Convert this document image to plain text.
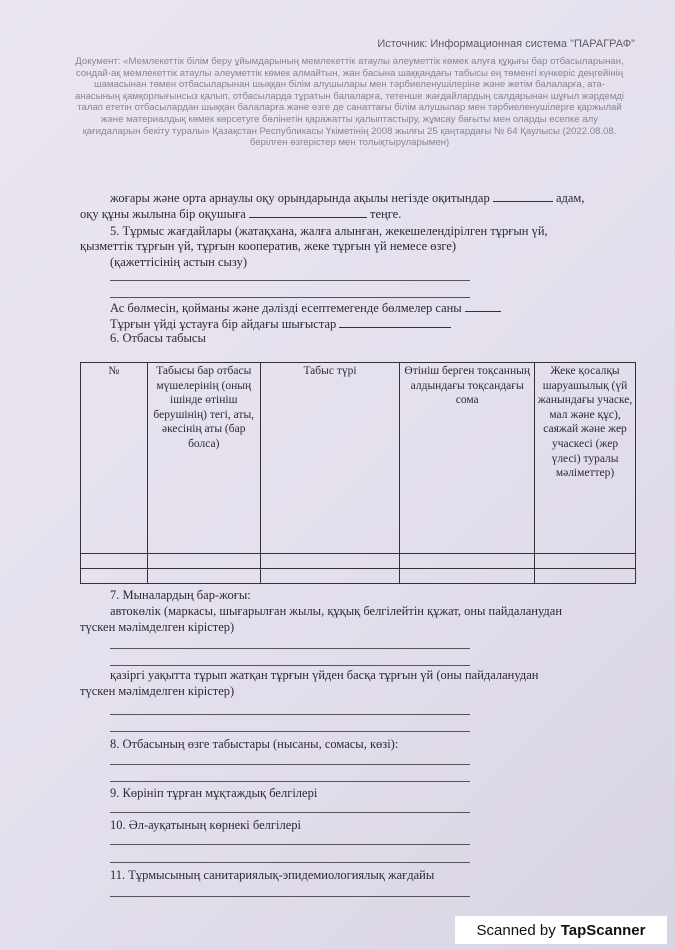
Источник: Информационная система "ПАРАГРАФ"
Документ: «Мемлекеттік білім беру ұйымдарының мемлекеттік атаулы әлеуметтік көмек алуға құқығы бар отбасыларынан, сондай-ақ мемлекеттік атаулы әлеуметтік көмек алмайтын, жан басына шаққандағы табысы ең төменгі күнкеріс деңгейінің шамасынан төмен отбасыларынан шыққан білім алушылары мен тәрбиеленушілеріне және жетім балаларға, ата-анасының қамқорлығынсыз қалып, отбасыларда тұратын балаларға, тетенше жағдайлардың салдарынан шұғыл жәрдемді талап ететін отбасылардан шыққан балаларға және өзге де санаттағы білім алушылар мен тәрбиеленушілерге қаржылай және материалдық көмек көрсетуге бөлінетін қаражатты қалыптастыру, жұмсау бағыты мен оларды есепке алу қағидаларын бекіту туралы» Қазақстан Республикасы Үкіметінің 2008 жылғы 25 қаңтардағы № 64 Қаулысы (2022.08.08. берілген өзгерістер мен толықтыруларымен)
жоғары және орта арнаулы оқу орындарында ақылы негізде оқитындар	адам,
оқу құны жылына бір оқушыға	теңге.
5. Тұрмыс жағдайлары (жатақхана, жалға алынған, жекешелендірілген тұрғын үй,
қызметтік тұрғын үй, тұрғын кооператив, жеке тұрғын үй немесе өзге)
(қажеттісінің астын сызу)
Ас бөлмесін, қойманы және дәлізді есептемегенде бөлмелер саны
Тұрғын үйді ұстауға бір айдағы шығыстар
6. Отбасы табысы
№	Табысы бар отбасы мүшелерінің (оның ішінде өтініш берушінің) тегі, аты, әкесінің аты (бар болса)	Табыс түрі	Өтініш берген тоқсанның алдындағы тоқсандағы сома	Жеке қосалқы шаруашылық (үй жанындағы учаске, мал және құс), саяжай және жер учаскесі (жер үлесі) туралы мәліметтер)

7. Мыналардың бар-жоғы:
автокөлік (маркасы, шығарылған жылы, құқық белгілейтін құжат, оны пайдаланудан
түскен мәлімделген кірістер)
қазіргі уақытта тұрып жатқан тұрғын үйден басқа тұрғын үй (оны пайдаланудан
түскен мәлімделген кірістер)
8. Отбасының өзге табыстары (нысаны, сомасы, көзі):
9. Көрініп тұрған мұқтаждық белгілері
10. Әл-ауқатының көрнекі белгілері
11. Тұрмысының санитариялық-эпидемиологиялық жағдайы
Scanned by TapScanner
